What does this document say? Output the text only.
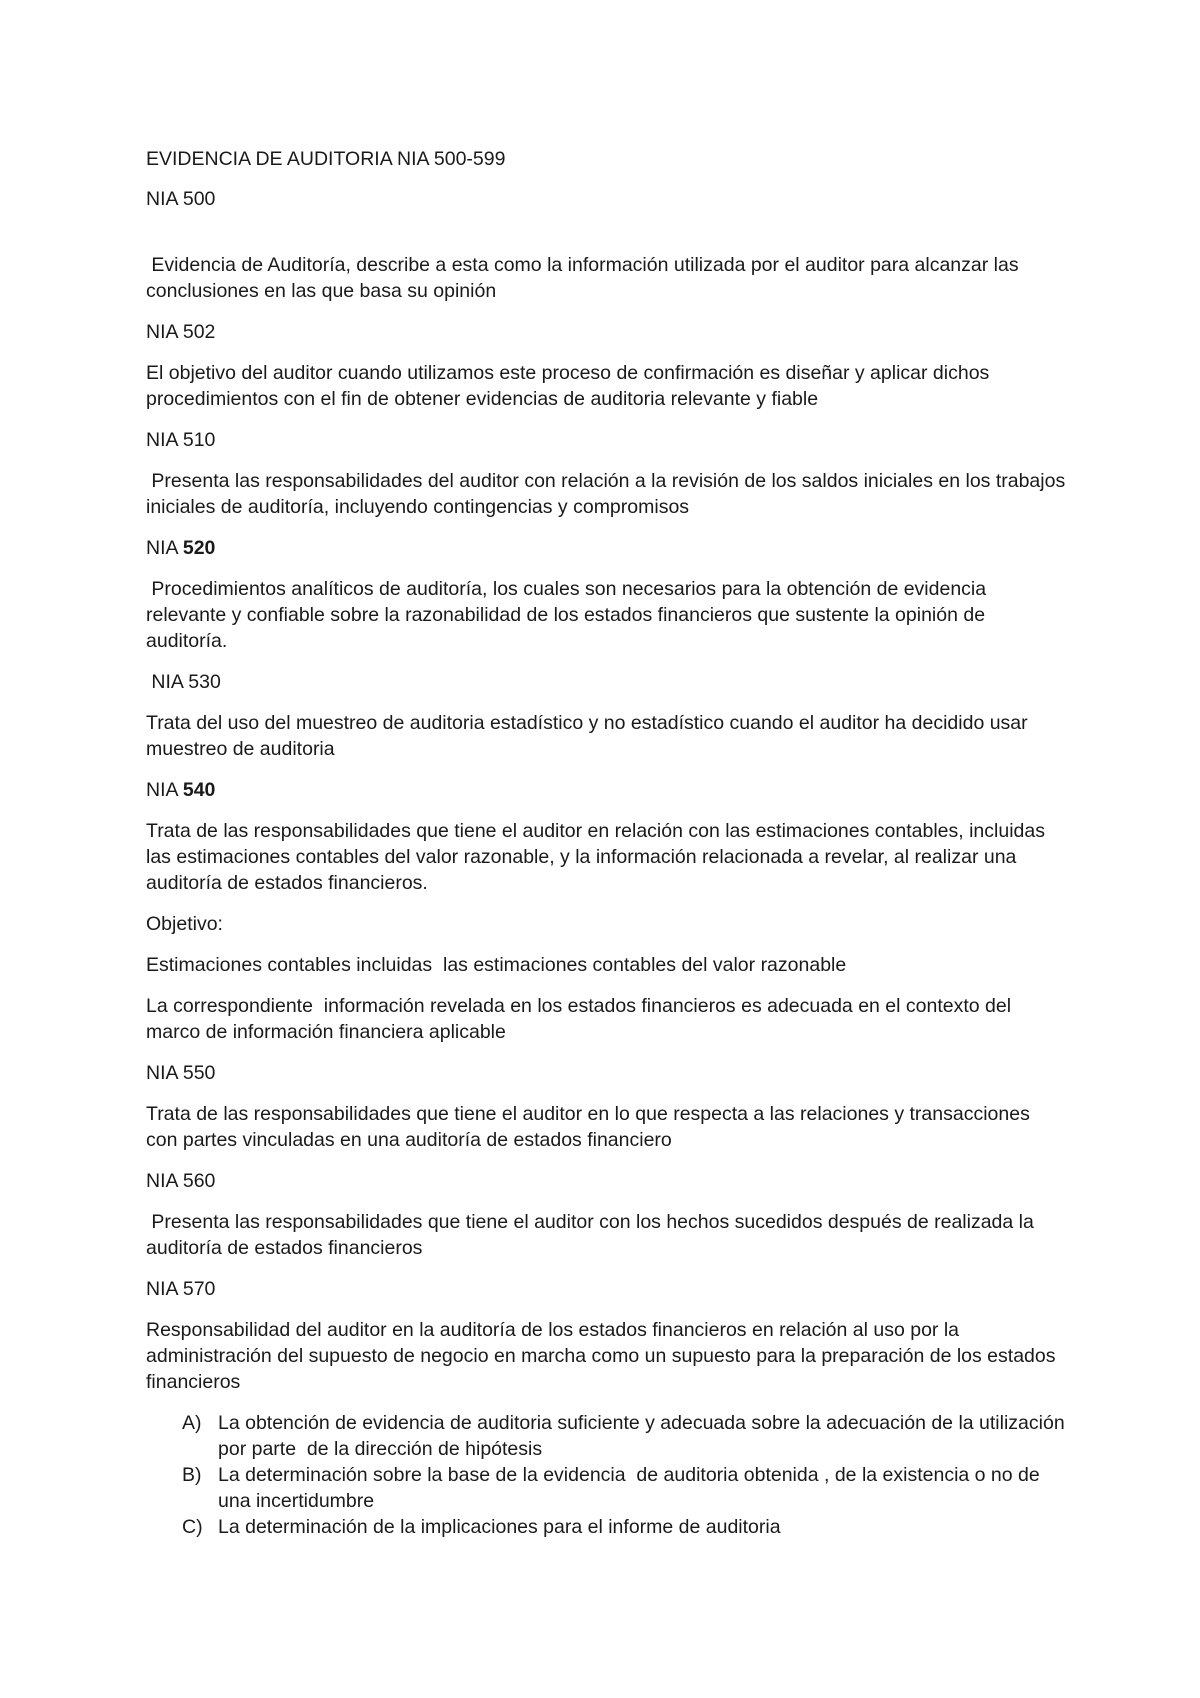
EVIDENCIA DE AUDITORIA NIA 500-599

NIA 500

Evidencia de Auditoría, describe a esta como la información utilizada por el auditor para alcanzar las conclusiones en las que basa su opinión

NIA 502

El objetivo del auditor cuando utilizamos este proceso de confirmación es diseñar y aplicar dichos procedimientos con el fin de obtener evidencias de auditoria relevante y fiable

NIA 510

Presenta las responsabilidades del auditor con relación a la revisión de los saldos iniciales en los trabajos iniciales de auditoría, incluyendo contingencias y compromisos

NIA 520

Procedimientos analíticos de auditoría, los cuales son necesarios para la obtención de evidencia relevante y confiable sobre la razonabilidad de los estados financieros que sustente la opinión de auditoría.

NIA 530

Trata del uso del muestreo de auditoria estadístico y no estadístico cuando el auditor ha decidido usar muestreo de auditoria

NIA 540

Trata de las responsabilidades que tiene el auditor en relación con las estimaciones contables, incluidas las estimaciones contables del valor razonable, y la información relacionada a revelar, al realizar una auditoría de estados financieros.

Objetivo:

Estimaciones contables incluidas  las estimaciones contables del valor razonable

La correspondiente  información revelada en los estados financieros es adecuada en el contexto del marco de información financiera aplicable

NIA 550

Trata de las responsabilidades que tiene el auditor en lo que respecta a las relaciones y transacciones con partes vinculadas en una auditoría de estados financiero

NIA 560

Presenta las responsabilidades que tiene el auditor con los hechos sucedidos después de realizada la auditoría de estados financieros

NIA 570

Responsabilidad del auditor en la auditoría de los estados financieros en relación al uso por la administración del supuesto de negocio en marcha como un supuesto para la preparación de los estados financieros

A) La obtención de evidencia de auditoria suficiente y adecuada sobre la adecuación de la utilización por parte  de la dirección de hipótesis
B) La determinación sobre la base de la evidencia  de auditoria obtenida , de la existencia o no de una incertidumbre
C) La determinación de la implicaciones para el informe de auditoria
